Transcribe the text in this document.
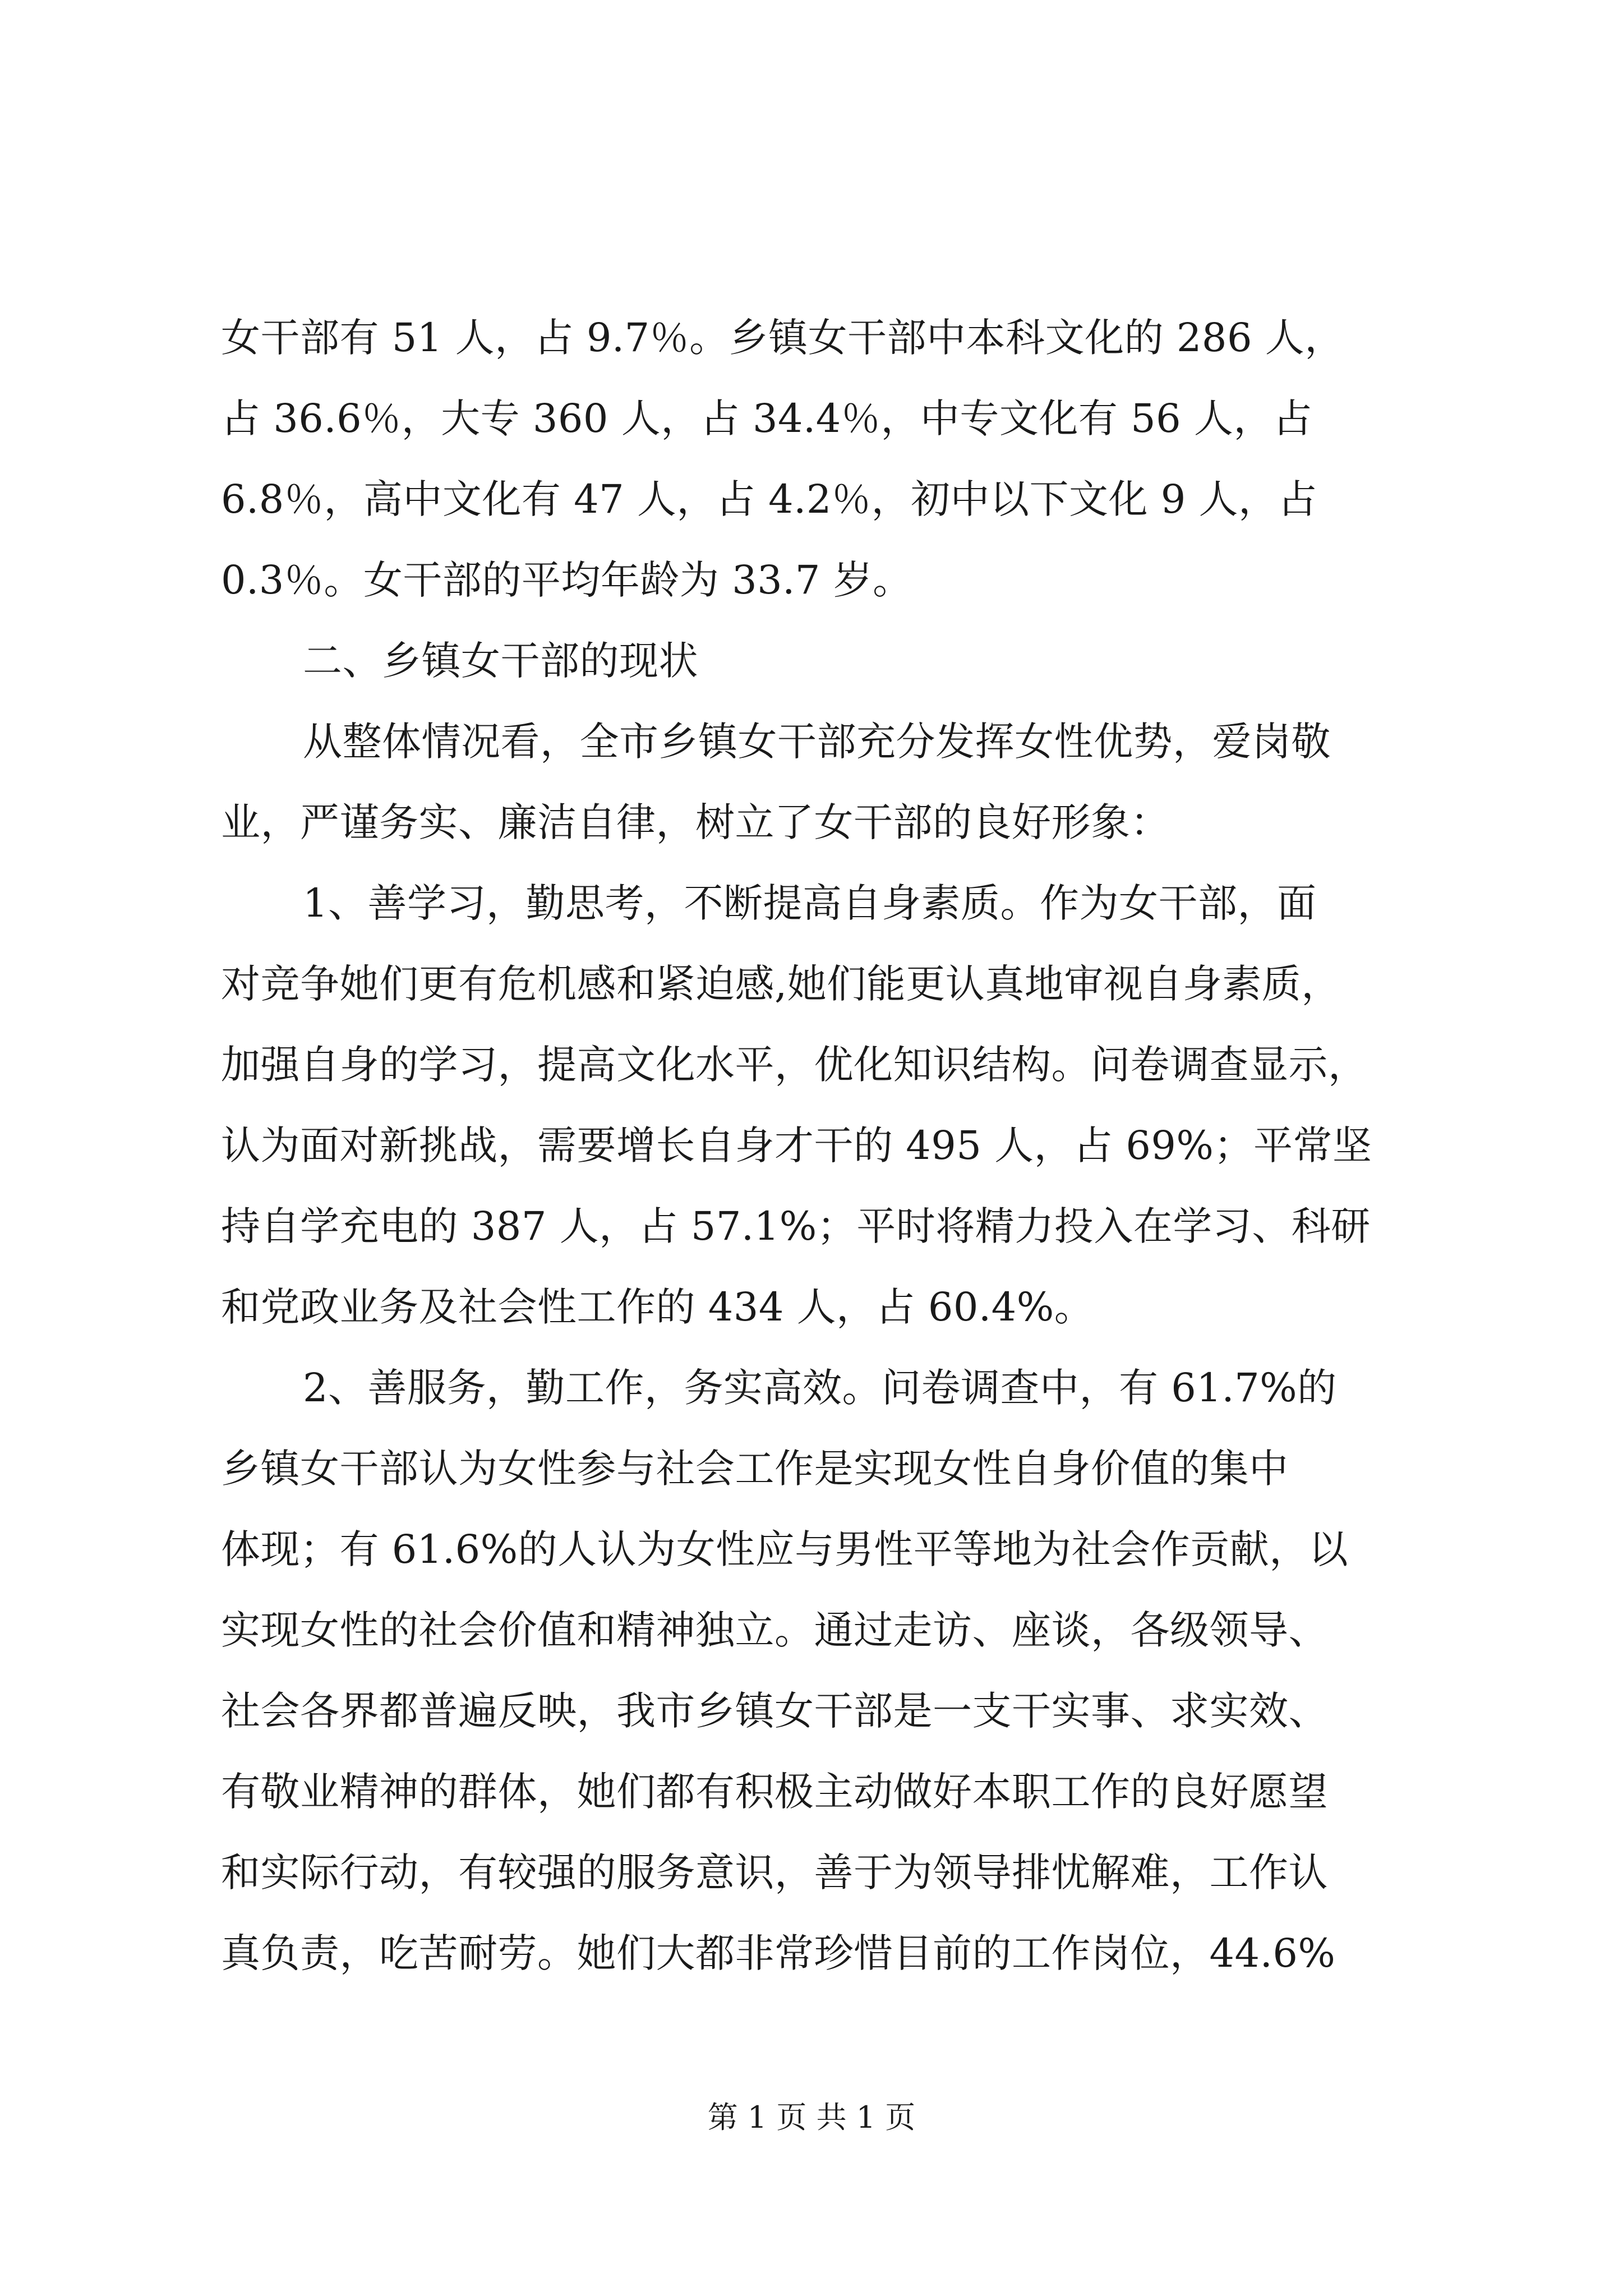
女干部有 51 人，占 9.7％。乡镇女干部中本科文化的 286 人，
占 36.6％，大专 360 人，占 34.4％，中专文化有 56 人，占
6.8％，高中文化有 47 人，占 4.2％，初中以下文化 9 人，占
0.3％。女干部的平均年龄为 33.7 岁。
二、乡镇女干部的现状
从整体情况看，全市乡镇女干部充分发挥女性优势，爱岗敬
业，严谨务实、廉洁自律，树立了女干部的良好形象：
1、善学习，勤思考，不断提高自身素质。作为女干部，面
对竞争她们更有危机感和紧迫感,她们能更认真地审视自身素质，
加强自身的学习，提高文化水平，优化知识结构。问卷调查显示，
认为面对新挑战，需要增长自身才干的 495 人，占 69%；平常坚
持自学充电的 387 人，占 57.1%；平时将精力投入在学习、科研
和党政业务及社会性工作的 434 人，占 60.4%。
2、善服务，勤工作，务实高效。问卷调查中，有 61.7%的
乡镇女干部认为女性参与社会工作是实现女性自身价值的集中
体现；有 61.6%的人认为女性应与男性平等地为社会作贡献，以
实现女性的社会价值和精神独立。通过走访、座谈，各级领导、
社会各界都普遍反映，我市乡镇女干部是一支干实事、求实效、
有敬业精神的群体，她们都有积极主动做好本职工作的良好愿望
和实际行动，有较强的服务意识，善于为领导排忧解难，工作认
真负责，吃苦耐劳。她们大都非常珍惜目前的工作岗位，44.6%
第 1 页 共 1 页
